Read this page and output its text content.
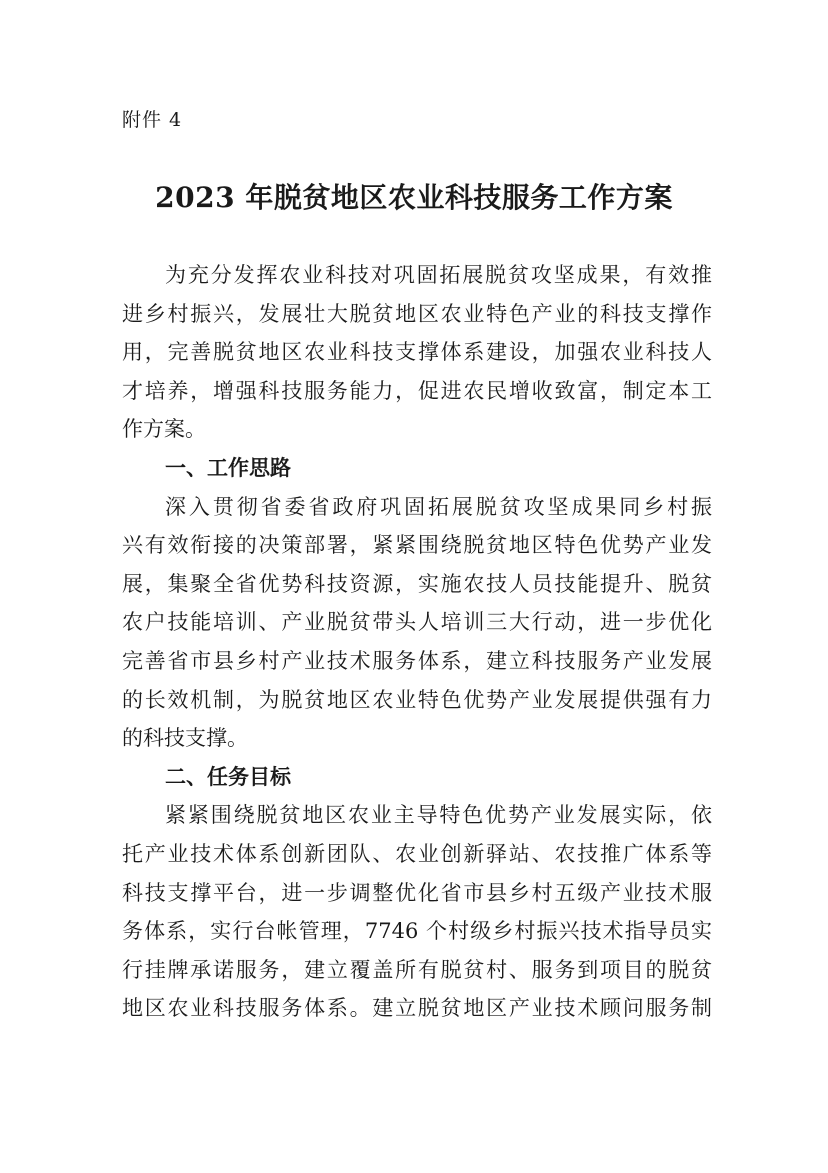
附件 4
2023 年脱贫地区农业科技服务工作方案
为充分发挥农业科技对巩固拓展脱贫攻坚成果，有效推
进乡村振兴，发展壮大脱贫地区农业特色产业的科技支撑作
用，完善脱贫地区农业科技支撑体系建设，加强农业科技人
才培养，增强科技服务能力，促进农民增收致富，制定本工
作方案。
一、工作思路
深入贯彻省委省政府巩固拓展脱贫攻坚成果同乡村振
兴有效衔接的决策部署，紧紧围绕脱贫地区特色优势产业发
展，集聚全省优势科技资源，实施农技人员技能提升、脱贫
农户技能培训、产业脱贫带头人培训三大行动，进一步优化
完善省市县乡村产业技术服务体系，建立科技服务产业发展
的长效机制，为脱贫地区农业特色优势产业发展提供强有力
的科技支撑。
二、任务目标
紧紧围绕脱贫地区农业主导特色优势产业发展实际，依
托产业技术体系创新团队、农业创新驿站、农技推广体系等
科技支撑平台，进一步调整优化省市县乡村五级产业技术服
务体系，实行台帐管理，7746 个村级乡村振兴技术指导员实
行挂牌承诺服务，建立覆盖所有脱贫村、服务到项目的脱贫
地区农业科技服务体系。建立脱贫地区产业技术顾问服务制
